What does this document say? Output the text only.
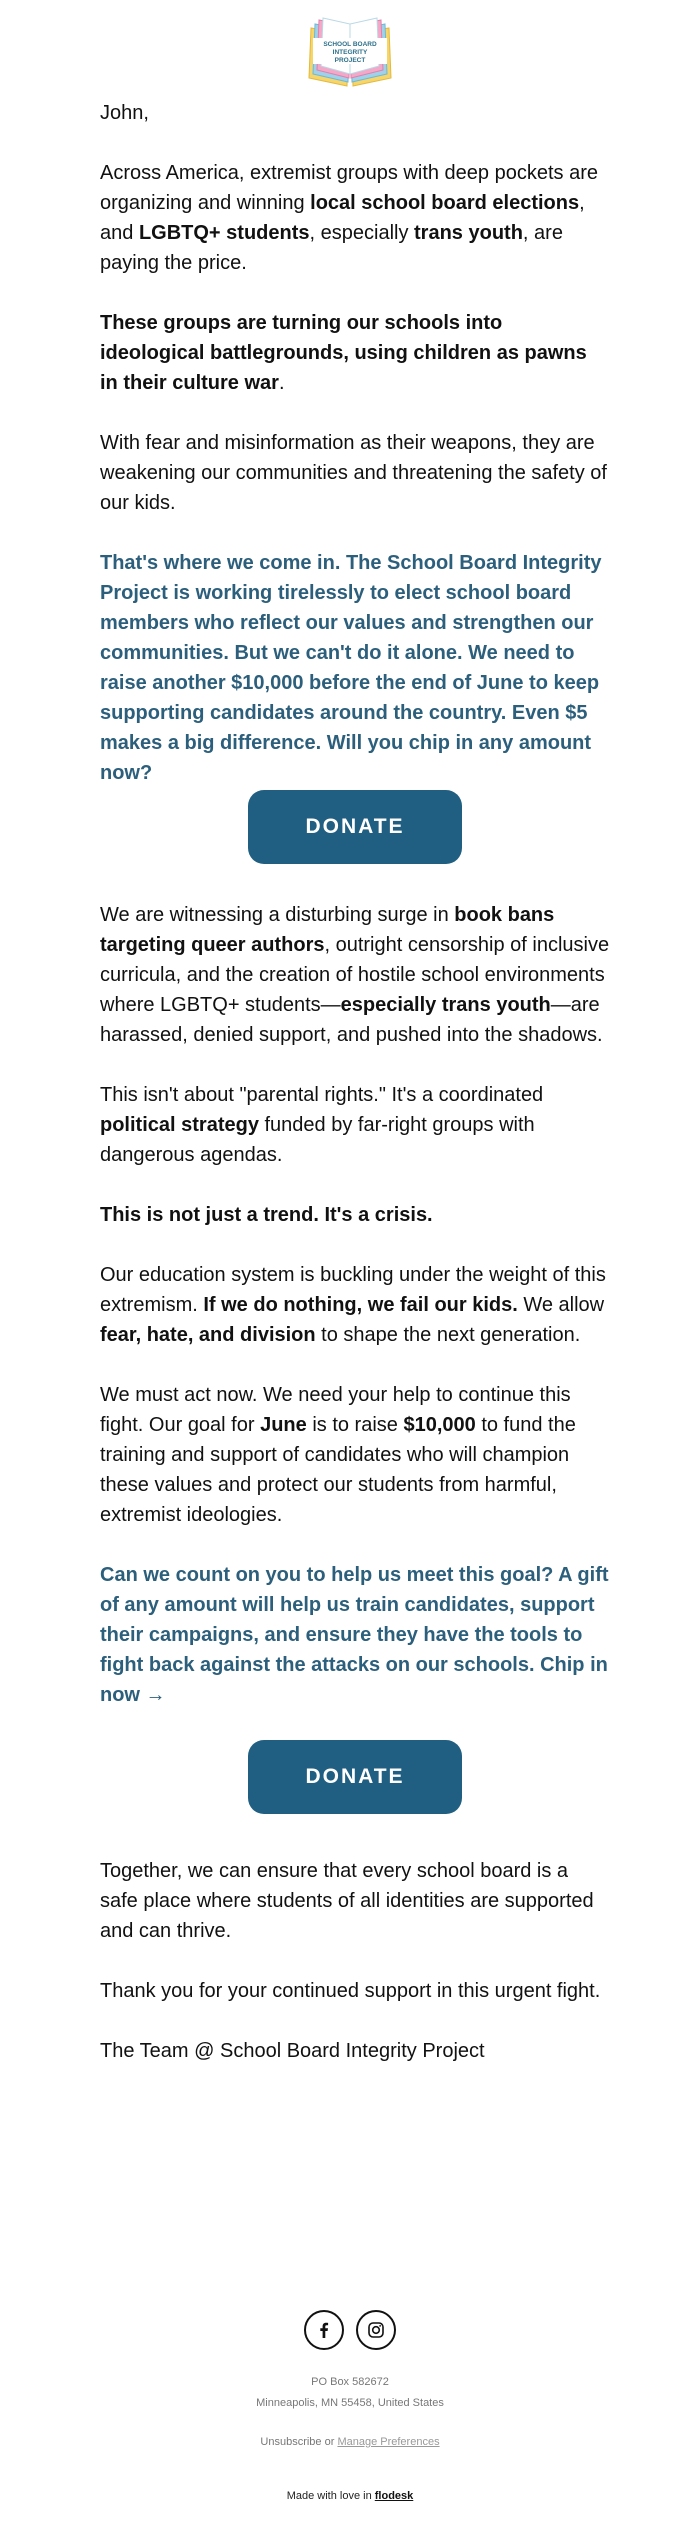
SCHOOL BOARD
INTEGRITY
PROJECT

John,

Across America, extremist groups with deep pockets are organizing and winning local school board elections, and LGBTQ+ students, especially trans youth, are paying the price.

These groups are turning our schools into ideological battlegrounds, using children as pawns in their culture war.

With fear and misinformation as their weapons, they are weakening our communities and threatening the safety of our kids.

That's where we come in. The School Board Integrity Project is working tirelessly to elect school board members who reflect our values and strengthen our communities. But we can't do it alone. We need to raise another $10,000 before the end of June to keep supporting candidates around the country. Even $5 makes a big difference. Will you chip in any amount now?

DONATE

We are witnessing a disturbing surge in book bans targeting queer authors, outright censorship of inclusive curricula, and the creation of hostile school environments where LGBTQ+ students—especially trans youth—are harassed, denied support, and pushed into the shadows.

This isn't about "parental rights." It's a coordinated political strategy funded by far-right groups with dangerous agendas.

This is not just a trend. It's a crisis.

Our education system is buckling under the weight of this extremism. If we do nothing, we fail our kids. We allow fear, hate, and division to shape the next generation.

We must act now. We need your help to continue this fight. Our goal for June is to raise $10,000 to fund the training and support of candidates who will champion these values and protect our students from harmful, extremist ideologies.

Can we count on you to help us meet this goal? A gift of any amount will help us train candidates, support their campaigns, and ensure they have the tools to fight back against the attacks on our schools. Chip in now →

DONATE

Together, we can ensure that every school board is a safe place where students of all identities are supported and can thrive.

Thank you for your continued support in this urgent fight.

The Team @ School Board Integrity Project

PO Box 582672
Minneapolis, MN 55458, United States
Unsubscribe or Manage Preferences
Made with love in flodesk
